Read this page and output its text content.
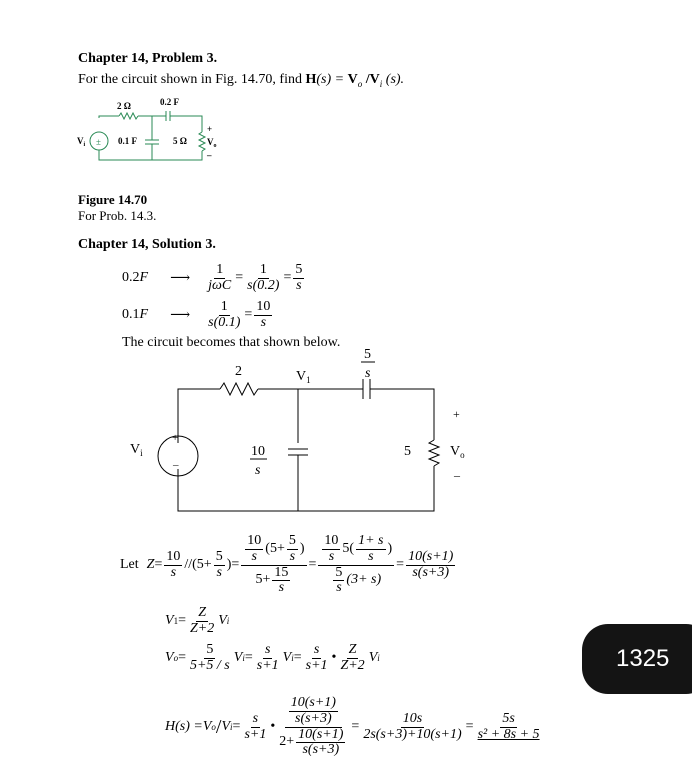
Chapter 14, Problem 3.
For the circuit shown in Fig. 14.70, find $H(s) = V_o$ $/V_i$ (s).
±
2 Ω	0.2 F
$V_i$	0.1 F	5 Ω
+
$V_o$
–
Figure 14.70
For Prob. 14.3.
Chapter 14, Solution 3.
0.2 F ⟶ $\frac{1}{\text{jωC}} = \frac{1}{s(0.2)} = \frac{5}{s}$
0.1 F ⟶ $\frac{1}{s(0.1)} = \frac{10}{s}$
The circuit becomes that shown below.
+
–
2	$V_1$
5
s
$V_i$	10
s
5
+
$V_o$
–
Let $Z = \frac{10}{s} //(5+ \frac{5}{s}$ ) = $\frac{\frac{10}{s} (5+ \frac{5}{s} )}{5+ \frac{15}{s}} = \frac{\frac{10}{s} 5 ( \frac{1+ s}{s} )}{\frac{5}{s} (3+ s)} = \frac{10(s+1)}{s(s+3)}$
V $1 = \frac{Z}{Z+2}$ V i
V $o = \frac{5}{5+5 / s}$ V $i = \frac{s}{s+1}$ V $i = \frac{s}{s+1}$ • $\frac{Z}{Z+2}$ V i
H(s) = V o / V $i = \frac{s}{s+1}$ • $\frac{\frac{10(s+1)}{s(s+3)}}{2+ \frac{10(s+1)}{s(s+3)}} = \frac{10s}{2s(s+3)+10(s+1)} = \frac{5s}{\text{s² + 8s + 5}}$
1325
